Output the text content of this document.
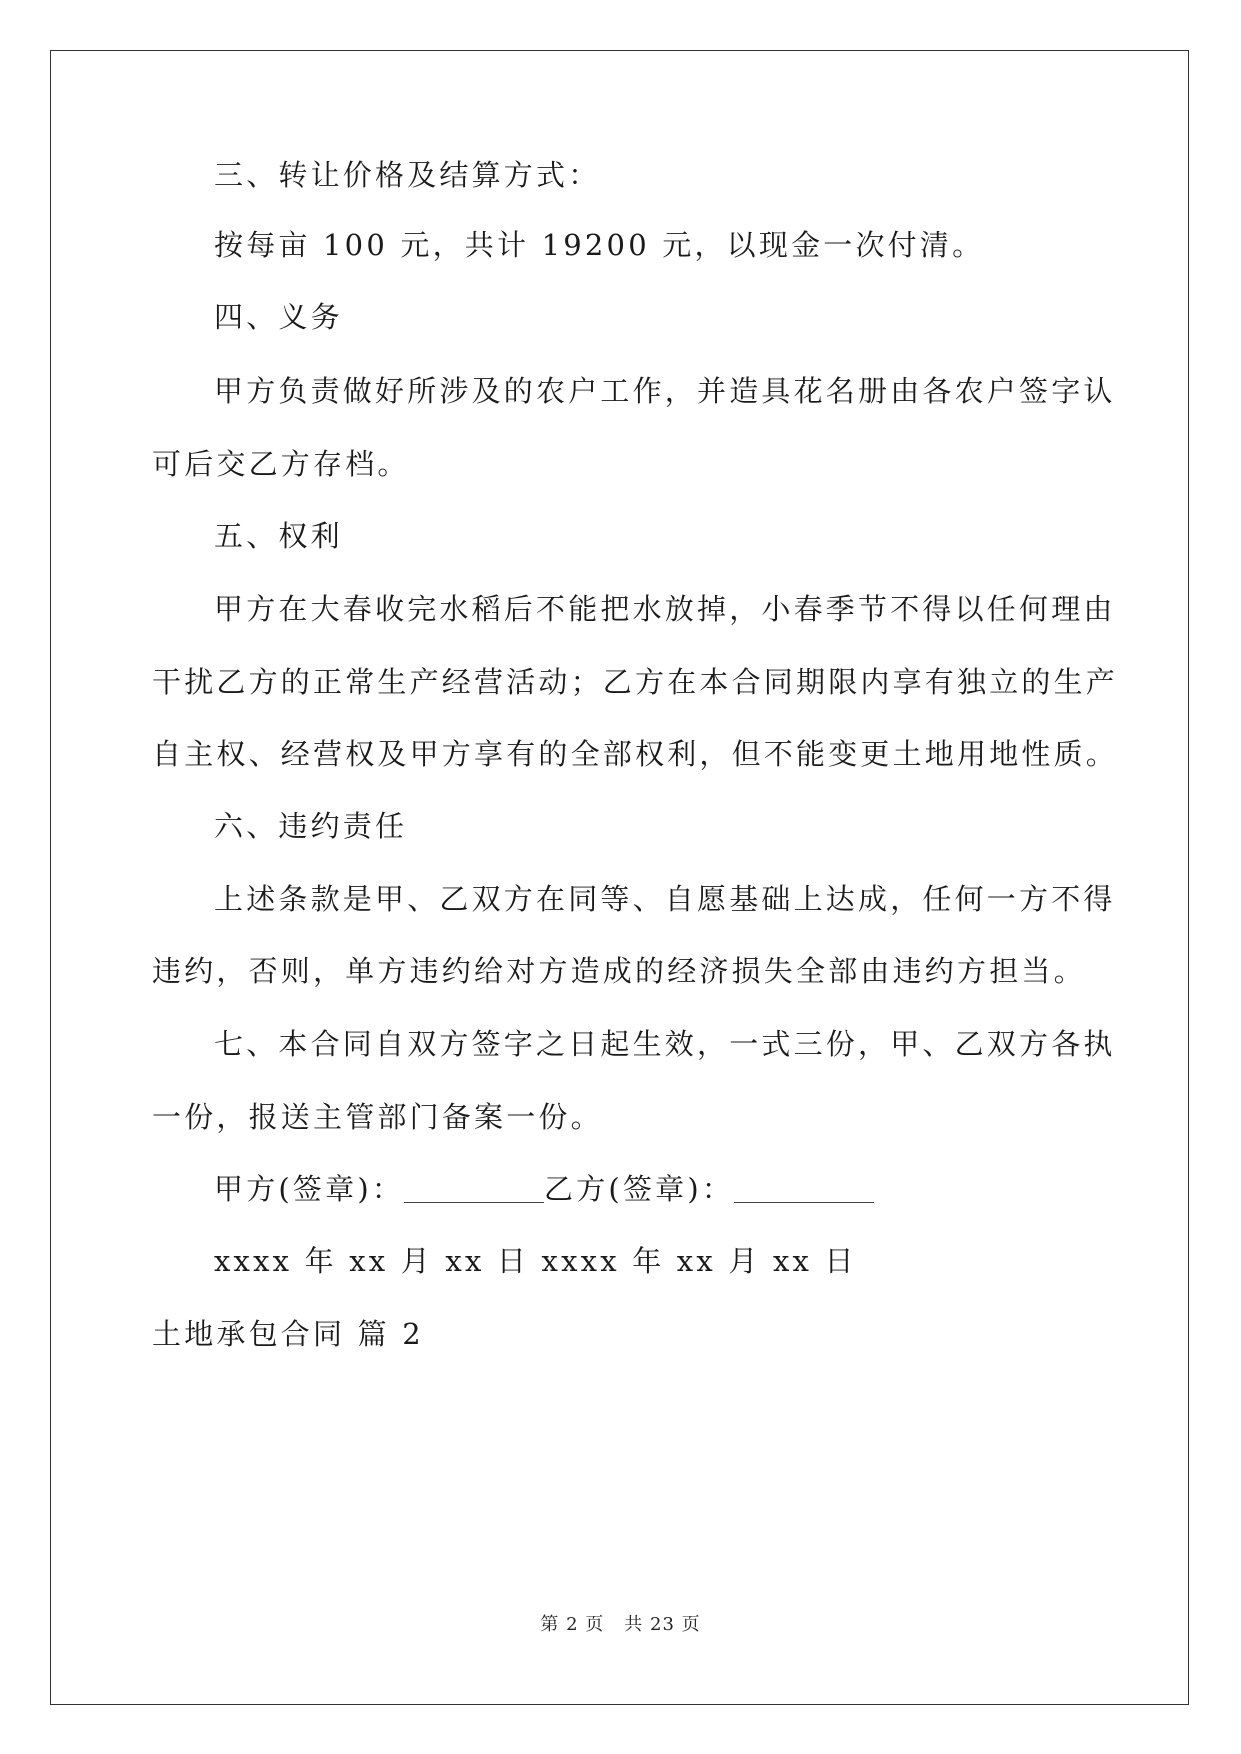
三、转让价格及结算方式：
按每亩 100 元，共计 19200 元，以现金一次付清。
四、义务
甲方负责做好所涉及的农户工作，并造具花名册由各农户签字认
可后交乙方存档。
五、权利
甲方在大春收完水稻后不能把水放掉，小春季节不得以任何理由
干扰乙方的正常生产经营活动；乙方在本合同期限内享有独立的生产
自主权、经营权及甲方享有的全部权利，但不能变更土地用地性质。
六、违约责任
上述条款是甲、乙双方在同等、自愿基础上达成，任何一方不得
违约，否则，单方违约给对方造成的经济损失全部由违约方担当。
七、本合同自双方签字之日起生效，一式三份，甲、乙双方各执
一份，报送主管部门备案一份。
甲方(签章)：	乙方(签章)：
xxxx 年 xx 月 xx 日 xxxx 年 xx 月 xx 日
土地承包合同 篇 2
第 2 页 共 23 页
